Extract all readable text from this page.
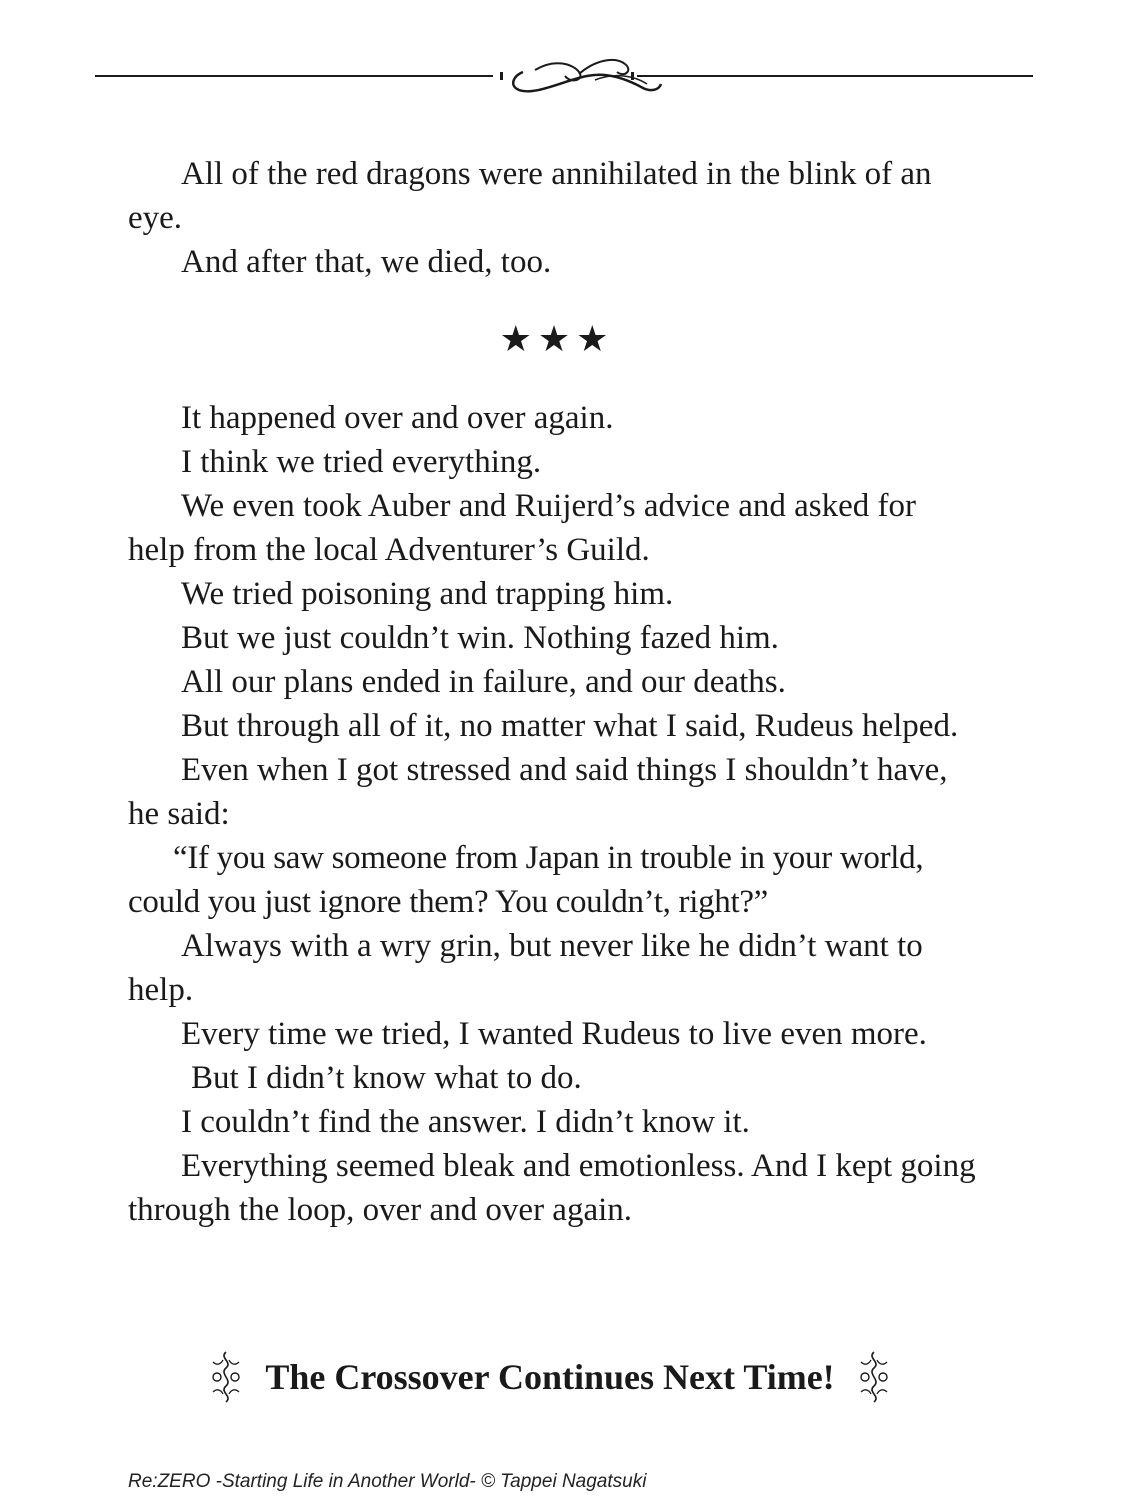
All of the red dragons were annihilated in the blink of an eye.

And after that, we died, too.

★★★

It happened over and over again.

I think we tried everything.

We even took Auber and Ruijerd’s advice and asked for help from the local Adventurer’s Guild.

We tried poisoning and trapping him.

But we just couldn’t win. Nothing fazed him.

All our plans ended in failure, and our deaths.

But through all of it, no matter what I said, Rudeus helped.

Even when I got stressed and said things I shouldn’t have, he said:

“If you saw someone from Japan in trouble in your world, could you just ignore them? You couldn’t, right?”

Always with a wry grin, but never like he didn’t want to help.

Every time we tried, I wanted Rudeus to live even more.

But I didn’t know what to do.

I couldn’t find the answer. I didn’t know it.

Everything seemed bleak and emotionless. And I kept going through the loop, over and over again.

The Crossover Continues Next Time!
Re:ZERO -Starting Life in Another World- © Tappei Nagatsuki
